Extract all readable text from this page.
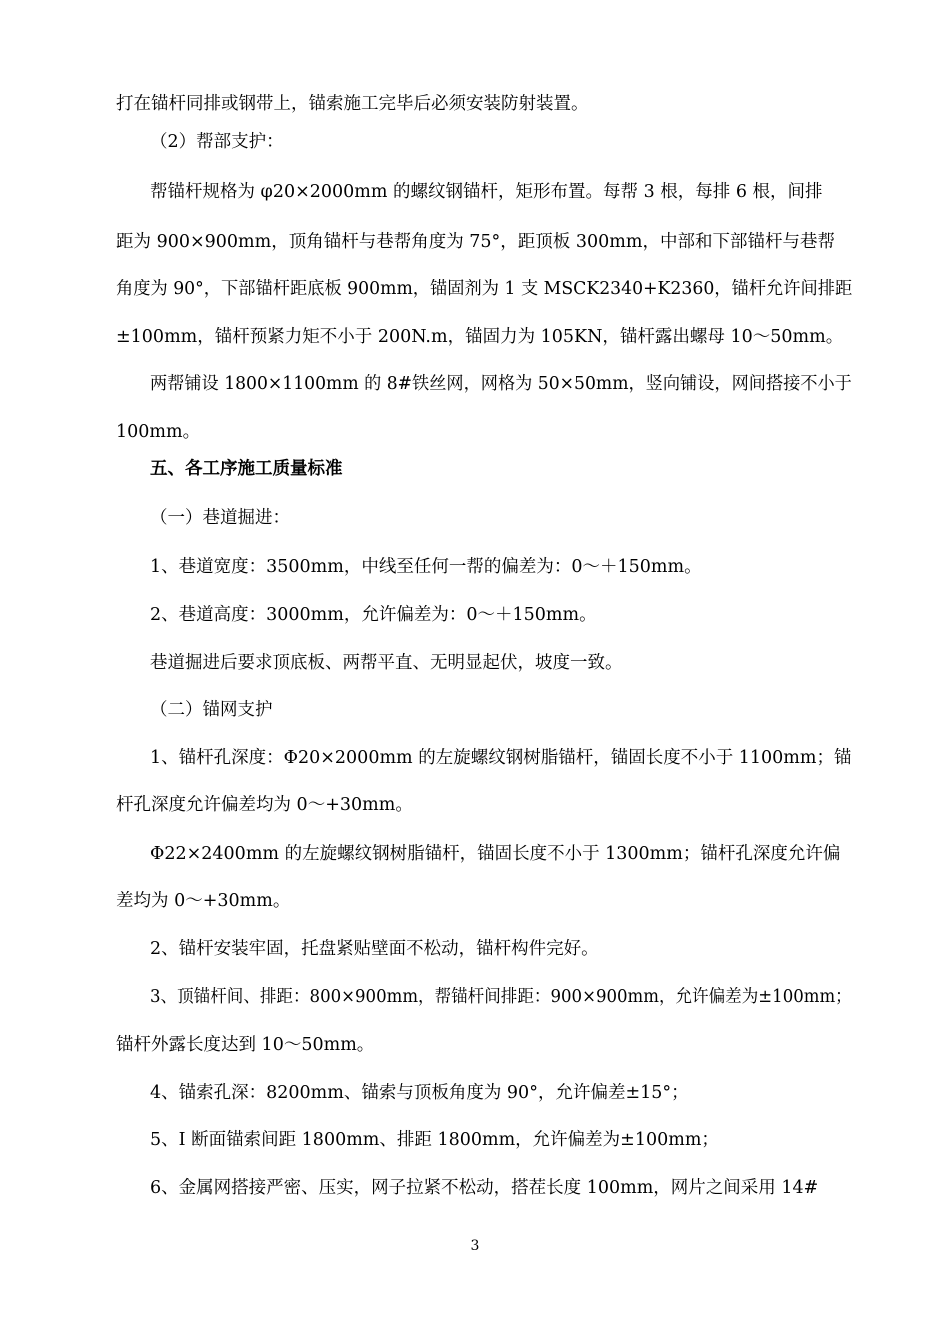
打在锚杆同排或钢带上，锚索施工完毕后必须安装防射装置。
（2）帮部支护：
帮锚杆规格为 φ20×2000mm 的螺纹钢锚杆，矩形布置。每帮 3 根，每排 6 根，间排
距为 900×900mm，顶角锚杆与巷帮角度为 75°，距顶板 300mm，中部和下部锚杆与巷帮
角度为 90°，下部锚杆距底板 900mm，锚固剂为 1 支 MSCK2340+K2360，锚杆允许间排距
±100mm，锚杆预紧力矩不小于 200N.m，锚固力为 105KN，锚杆露出螺母 10～50mm。
两帮铺设 1800×1100mm 的 8#铁丝网，网格为 50×50mm，竖向铺设，网间搭接不小于
100mm。
五、各工序施工质量标准
（一）巷道掘进：
1、巷道宽度：3500mm，中线至任何一帮的偏差为：0～＋150mm。
2、巷道高度：3000mm，允许偏差为：0～＋150mm。
巷道掘进后要求顶底板、两帮平直、无明显起伏，坡度一致。
（二）锚网支护
1、锚杆孔深度：Φ20×2000mm 的左旋螺纹钢树脂锚杆，锚固长度不小于 1100mm；锚
杆孔深度允许偏差均为 0～+30mm。
Φ22×2400mm 的左旋螺纹钢树脂锚杆，锚固长度不小于 1300mm；锚杆孔深度允许偏
差均为 0～+30mm。
2、锚杆安装牢固，托盘紧贴壁面不松动，锚杆构件完好。
3、顶锚杆间、排距：800×900mm，帮锚杆间排距：900×900mm，允许偏差为±100mm；
锚杆外露长度达到 10～50mm。
4、锚索孔深：8200mm、锚索与顶板角度为 90°，允许偏差±15°；
5、I 断面锚索间距 1800mm、排距 1800mm，允许偏差为±100mm；
6、金属网搭接严密、压实，网子拉紧不松动，搭茬长度 100mm，网片之间采用 14#
3
